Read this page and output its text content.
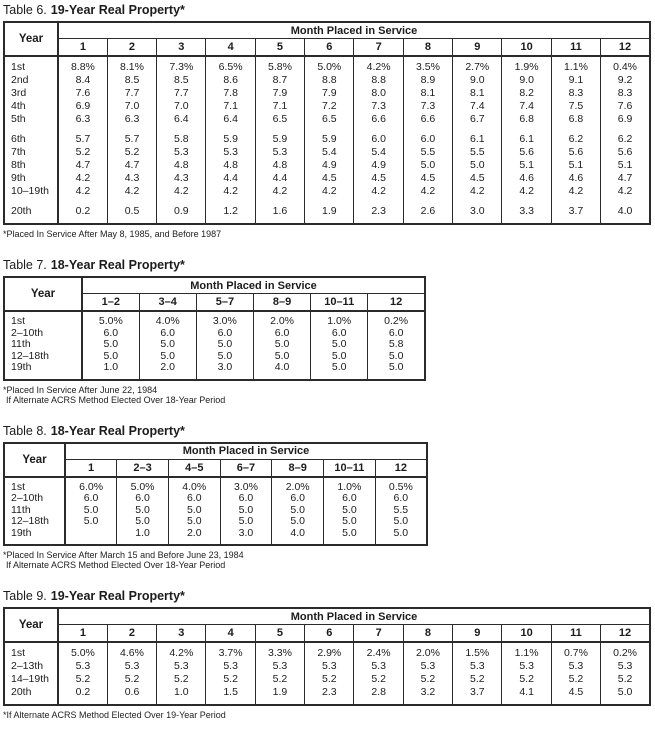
Table 6. 19-Year Real Property*
Year	Month Placed in Service											
	1	2	3	4	5	6	7	8	9	10	11	12
1st	8.8%	8.1%	7.3%	6.5%	5.8%	5.0%	4.2%	3.5%	2.7%	1.9%	1.1%	0.4%
2nd	8.4	8.5	8.5	8.6	8.7	8.8	8.8	8.9	9.0	9.0	9.1	9.2
3rd	7.6	7.7	7.7	7.8	7.9	7.9	8.0	8.1	8.1	8.2	8.3	8.3
4th	6.9	7.0	7.0	7.1	7.1	7.2	7.3	7.3	7.4	7.4	7.5	7.6
5th	6.3	6.3	6.4	6.4	6.5	6.5	6.6	6.6	6.7	6.8	6.8	6.9
6th	5.7	5.7	5.8	5.9	5.9	5.9	6.0	6.0	6.1	6.1	6.2	6.2
7th	5.2	5.2	5.3	5.3	5.3	5.4	5.4	5.5	5.5	5.6	5.6	5.6
8th	4.7	4.7	4.8	4.8	4.8	4.9	4.9	5.0	5.0	5.1	5.1	5.1
9th	4.2	4.3	4.3	4.4	4.4	4.5	4.5	4.5	4.5	4.6	4.6	4.7
10–19th	4.2	4.2	4.2	4.2	4.2	4.2	4.2	4.2	4.2	4.2	4.2	4.2
20th	0.2	0.5	0.9	1.2	1.6	1.9	2.3	2.6	3.0	3.3	3.7	4.0
*Placed In Service After May 8, 1985, and Before 1987
Table 7. 18-Year Real Property*
Year	Month Placed in Service					
	1–2	3–4	5–7	8–9	10–11	12
1st	5.0%	4.0%	3.0%	2.0%	1.0%	0.2%
2–10th	6.0	6.0	6.0	6.0	6.0	6.0
11th	5.0	5.0	5.0	5.0	5.0	5.8
12–18th	5.0	5.0	5.0	5.0	5.0	5.0
19th	1.0	2.0	3.0	4.0	5.0	5.0
*Placed In Service After June 22, 1984
If Alternate ACRS Method Elected Over 18-Year Period
Table 8. 18-Year Real Property*
Year	Month Placed in Service						
	1	2–3	4–5	6–7	8–9	10–11	12
1st	6.0%	5.0%	4.0%	3.0%	2.0%	1.0%	0.5%
2–10th	6.0	6.0	6.0	6.0	6.0	6.0	6.0
11th	5.0	5.0	5.0	5.0	5.0	5.0	5.5
12–18th	5.0	5.0	5.0	5.0	5.0	5.0	5.0
19th		1.0	2.0	3.0	4.0	5.0	5.0
*Placed In Service After March 15 and Before June 23, 1984
If Alternate ACRS Method Elected Over 18-Year Period
Table 9. 19-Year Real Property*
Year	Month Placed in Service											
	1	2	3	4	5	6	7	8	9	10	11	12
1st	5.0%	4.6%	4.2%	3.7%	3.3%	2.9%	2.4%	2.0%	1.5%	1.1%	0.7%	0.2%
2–13th	5.3	5.3	5.3	5.3	5.3	5.3	5.3	5.3	5.3	5.3	5.3	5.3
14–19th	5.2	5.2	5.2	5.2	5.2	5.2	5.2	5.2	5.2	5.2	5.2	5.2
20th	0.2	0.6	1.0	1.5	1.9	2.3	2.8	3.2	3.7	4.1	4.5	5.0
*If Alternate ACRS Method Elected Over 19-Year Period
